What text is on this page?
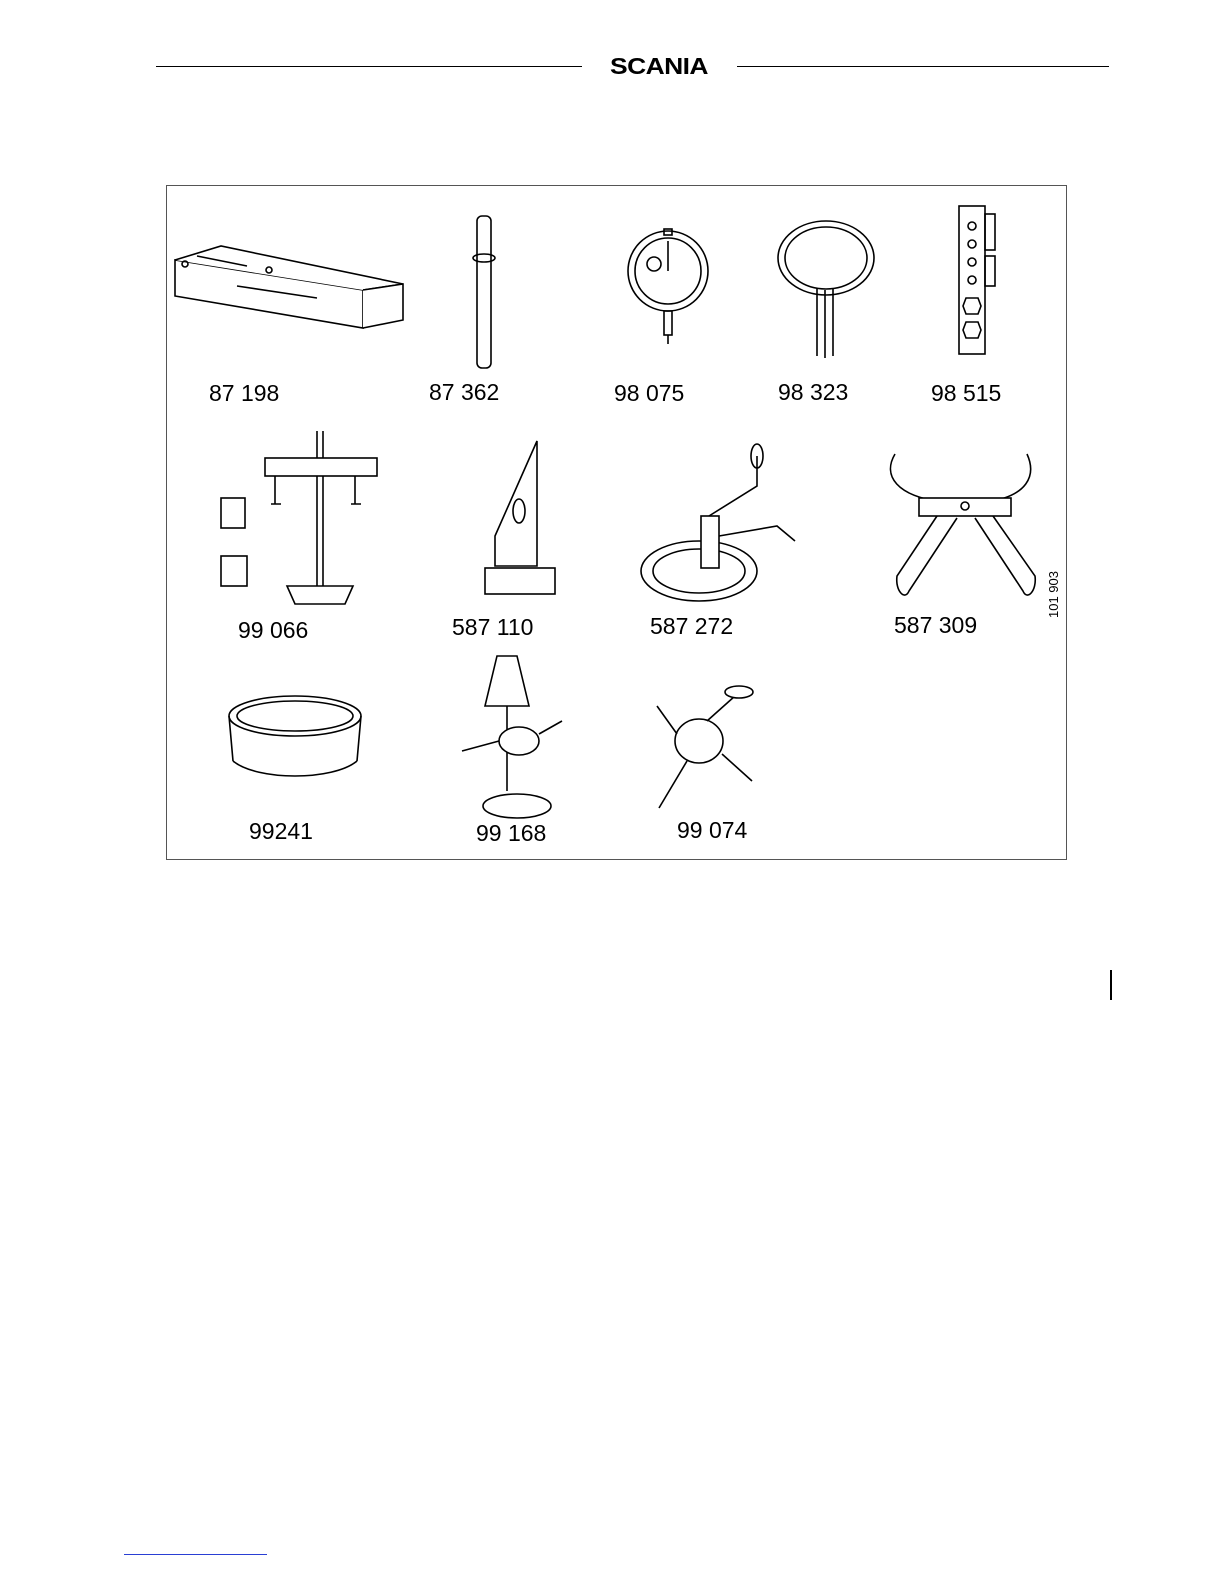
SCANIA
87 198	87 362	98 075	98 323	98 515
99 066	587 110	587 272	587 309
99241	99 168	99 074
101 903
